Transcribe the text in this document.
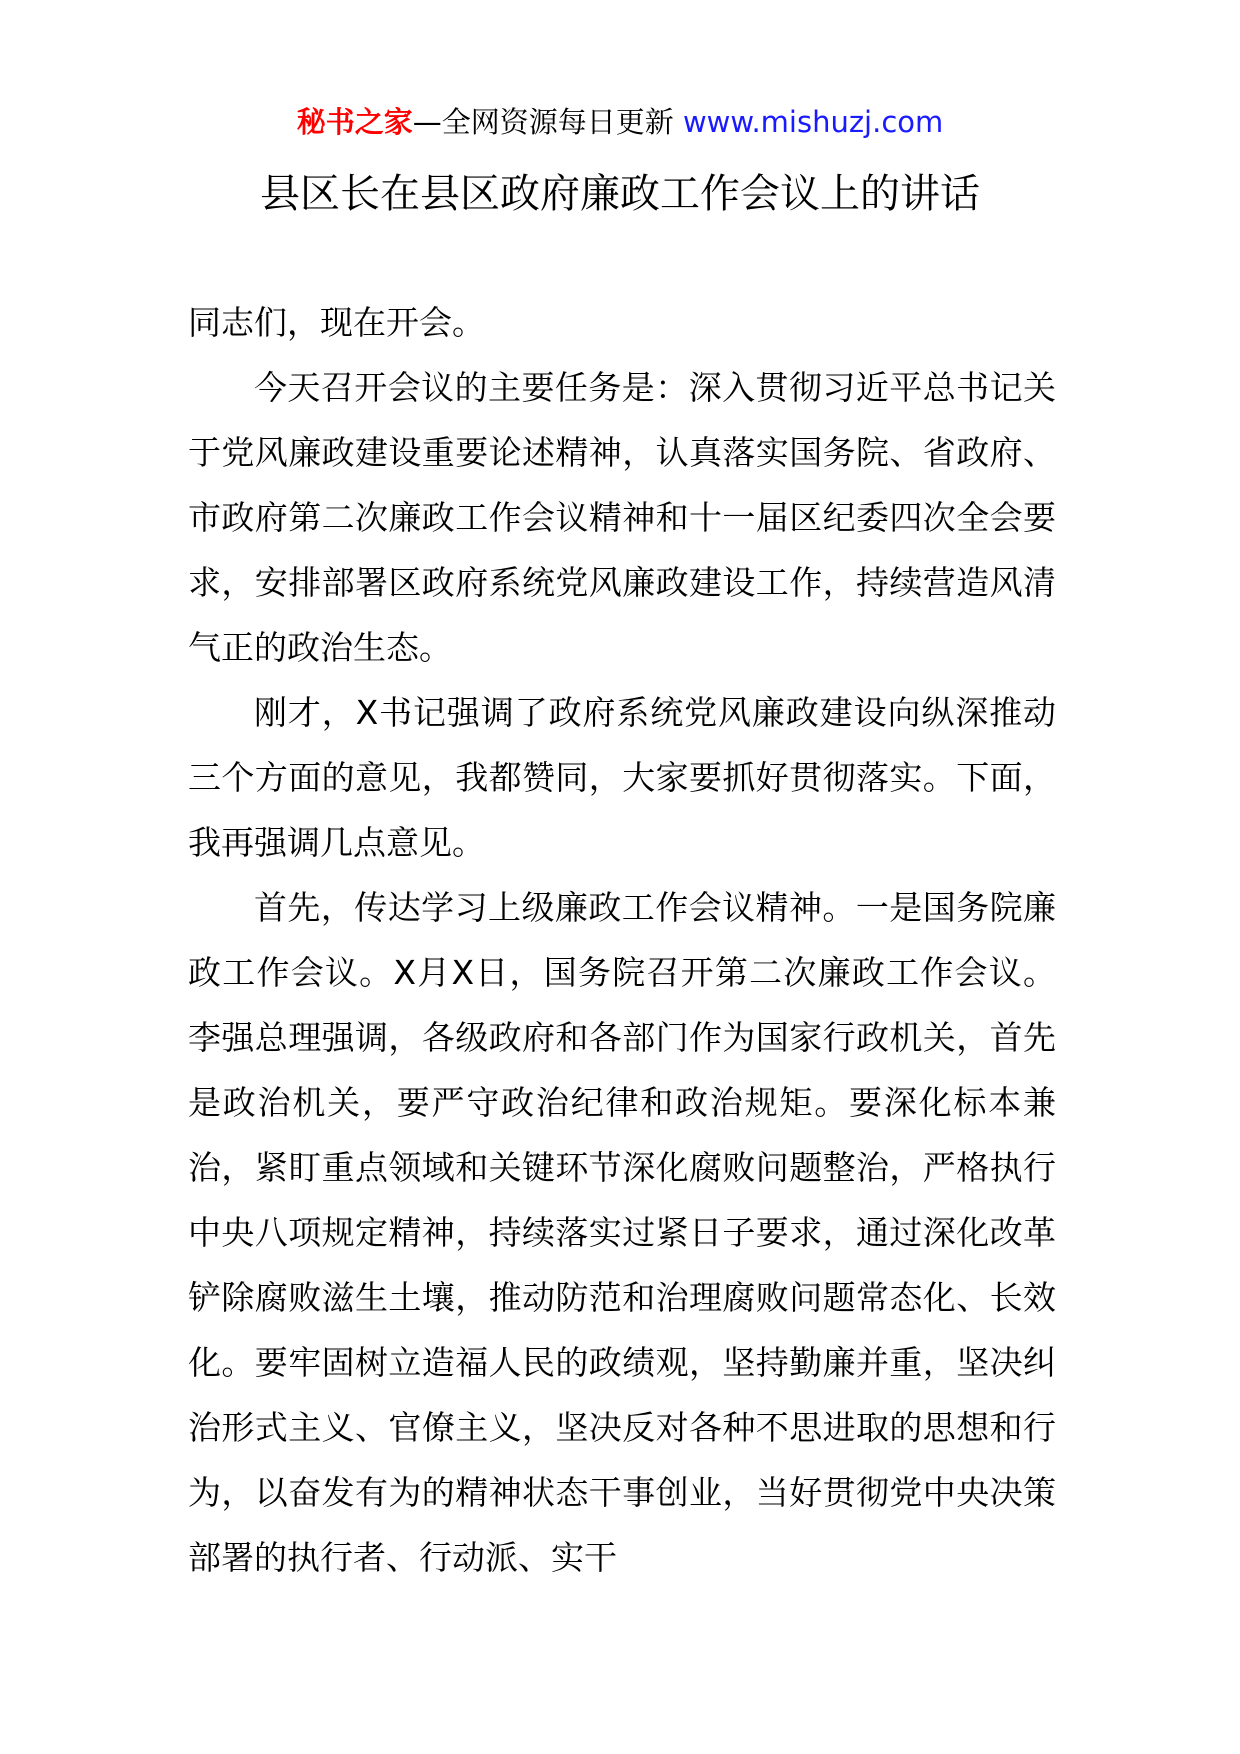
秘书之家—全网资源每日更新 www.mishuzj.com
县区长在县区政府廉政工作会议上的讲话

同志们，现在开会。

今天召开会议的主要任务是：深入贯彻习近平总书记关于党风廉政建设重要论述精神，认真落实国务院、省政府、市政府第二次廉政工作会议精神和十一届区纪委四次全会要求，安排部署区政府系统党风廉政建设工作，持续营造风清气正的政治生态。

刚才，X书记强调了政府系统党风廉政建设向纵深推动三个方面的意见，我都赞同，大家要抓好贯彻落实。下面，我再强调几点意见。

首先，传达学习上级廉政工作会议精神。一是国务院廉政工作会议。X月X日，国务院召开第二次廉政工作会议。李强总理强调，各级政府和各部门作为国家行政机关，首先是政治机关，要严守政治纪律和政治规矩。要深化标本兼治，紧盯重点领域和关键环节深化腐败问题整治，严格执行中央八项规定精神，持续落实过紧日子要求，通过深化改革铲除腐败滋生土壤，推动防范和治理腐败问题常态化、长效化。要牢固树立造福人民的政绩观，坚持勤廉并重，坚决纠治形式主义、官僚主义，坚决反对各种不思进取的思想和行为，以奋发有为的精神状态干事创业，当好贯彻党中央决策部署的执行者、行动派、实干
